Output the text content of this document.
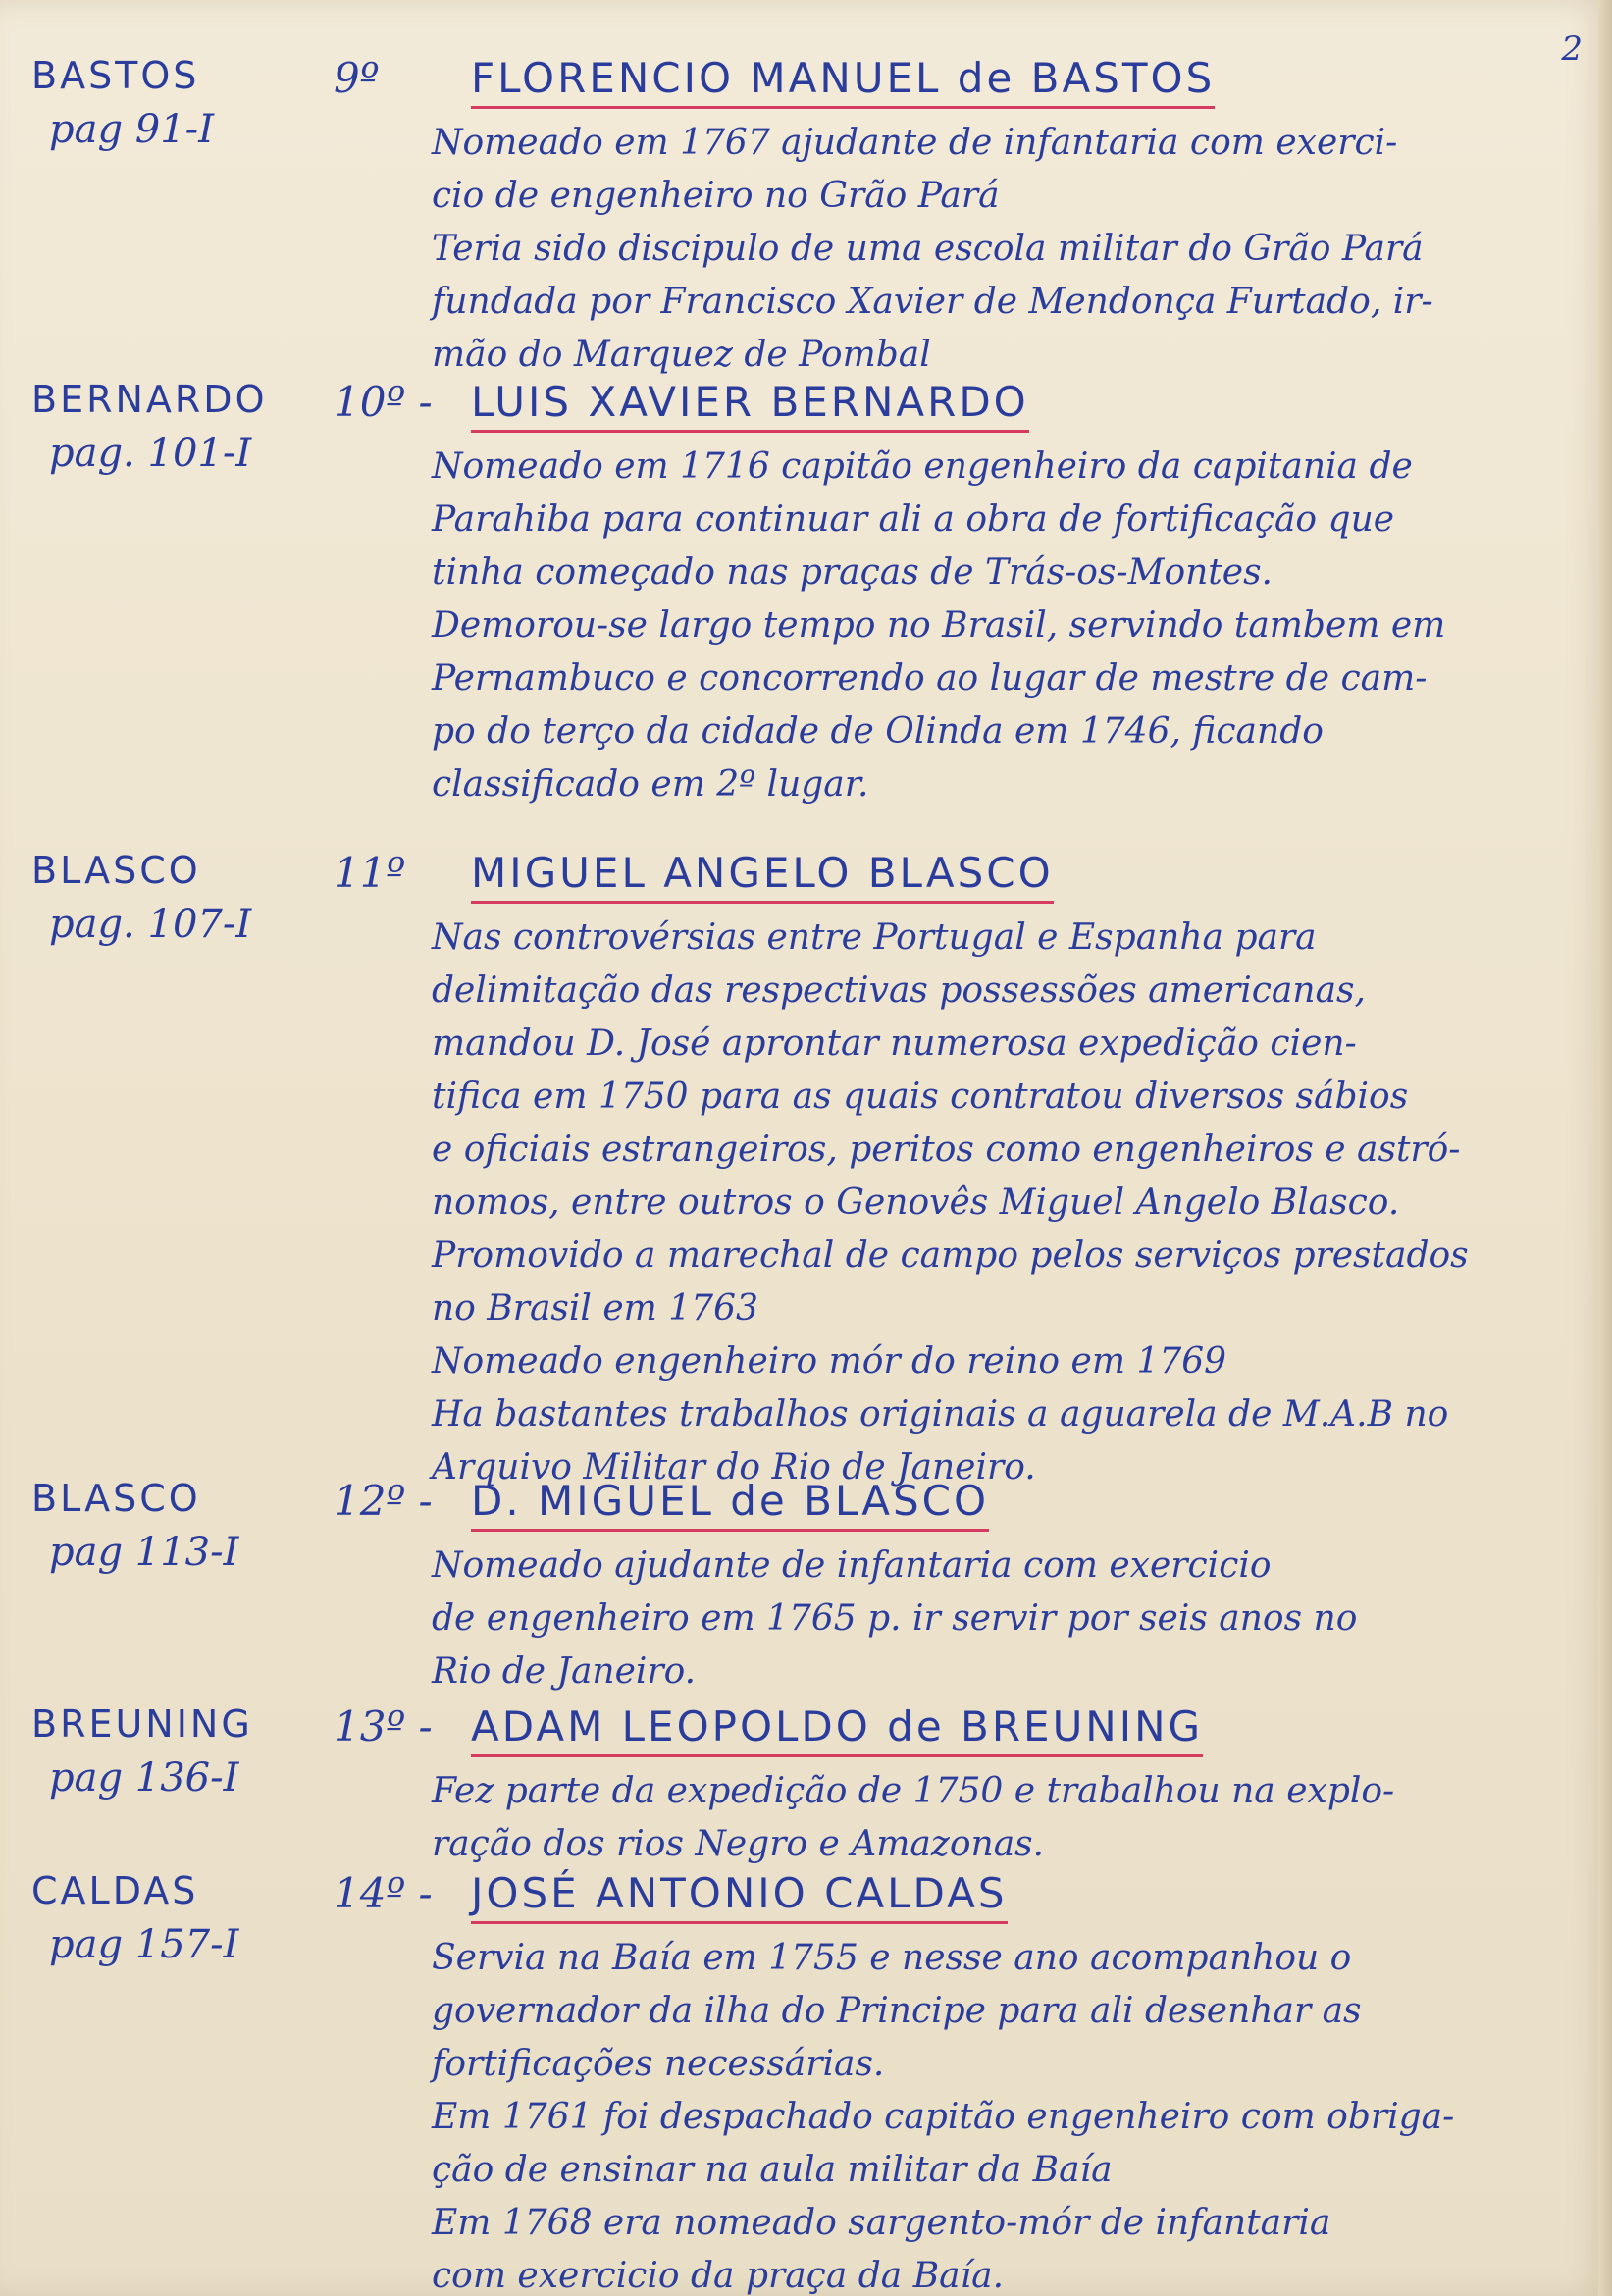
2
BASTOS
pag 91-I
9º FLORENCIO MANUEL de BASTOS
Nomeado em 1767 ajudante de infantaria com exerci-
cio de engenheiro no Grão Pará
Teria sido discipulo de uma escola militar do Grão Pará
fundada por Francisco Xavier de Mendonça Furtado, ir-
mão do Marquez de Pombal
BERNARDO
pag. 101-I
10º - LUIS XAVIER BERNARDO
Nomeado em 1716 capitão engenheiro da capitania de
Parahiba para continuar ali a obra de fortificação que
tinha começado nas praças de Trás-os-Montes.
Demorou-se largo tempo no Brasil, servindo tambem em
Pernambuco e concorrendo ao lugar de mestre de cam-
po do terço da cidade de Olinda em 1746, ficando
classificado em 2º lugar.
BLASCO
pag. 107-I
11º MIGUEL ANGELO BLASCO
Nas controvérsias entre Portugal e Espanha para
delimitação das respectivas possessões americanas,
mandou D. José aprontar numerosa expedição cien-
tifica em 1750 para as quais contratou diversos sábios
e oficiais estrangeiros, peritos como engenheiros e astró-
nomos, entre outros o Genovês Miguel Angelo Blasco.
Promovido a marechal de campo pelos serviços prestados
no Brasil em 1763
Nomeado engenheiro mór do reino em 1769
Ha bastantes trabalhos originais a aguarela de M.A.B no
Arquivo Militar do Rio de Janeiro.
BLASCO
pag 113-I
12º - D. MIGUEL de BLASCO
Nomeado ajudante de infantaria com exercicio
de engenheiro em 1765 p. ir servir por seis anos no
Rio de Janeiro.
BREUNING
pag 136-I
13º - ADAM LEOPOLDO de BREUNING
Fez parte da expedição de 1750 e trabalhou na explo-
ração dos rios Negro e Amazonas.
CALDAS
pag 157-I
14º - JOSÉ ANTONIO CALDAS
Servia na Baía em 1755 e nesse ano acompanhou o
governador da ilha do Principe para ali desenhar as
fortificações necessárias.
Em 1761 foi despachado capitão engenheiro com obriga-
ção de ensinar na aula militar da Baía
Em 1768 era nomeado sargento-mór de infantaria
com exercicio da praça da Baía.
